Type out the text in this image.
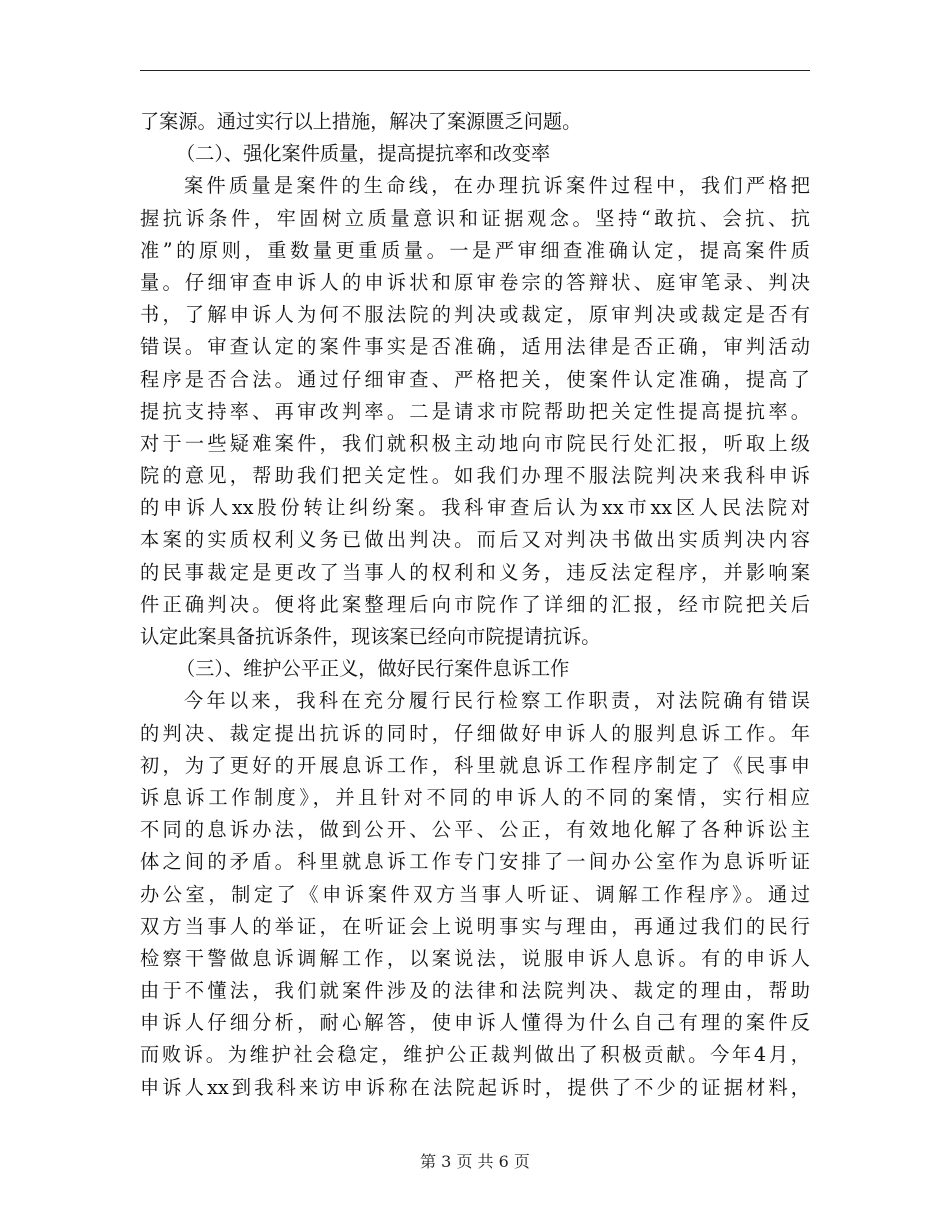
了案源。通过实行以上措施，解决了案源匮乏问题。
（二）、强化案件质量，提高提抗率和改变率
案件质量是案件的生命线，在办理抗诉案件过程中，我们严格把
握抗诉条件，牢固树立质量意识和证据观念。坚持“敢抗、会抗、抗
准”的原则，重数量更重质量。一是严审细查准确认定，提高案件质
量。仔细审查申诉人的申诉状和原审卷宗的答辩状、庭审笔录、判决
书，了解申诉人为何不服法院的判决或裁定，原审判决或裁定是否有
错误。审查认定的案件事实是否准确，适用法律是否正确，审判活动
程序是否合法。通过仔细审查、严格把关，使案件认定准确，提高了
提抗支持率、再审改判率。二是请求市院帮助把关定性提高提抗率。
对于一些疑难案件，我们就积极主动地向市院民行处汇报，听取上级
院的意见，帮助我们把关定性。如我们办理不服法院判决来我科申诉
的申诉人xx股份转让纠纷案。我科审查后认为xx市xx区人民法院对
本案的实质权利义务已做出判决。而后又对判决书做出实质判决内容
的民事裁定是更改了当事人的权利和义务，违反法定程序，并影响案
件正确判决。便将此案整理后向市院作了详细的汇报，经市院把关后
认定此案具备抗诉条件，现该案已经向市院提请抗诉。
（三）、维护公平正义，做好民行案件息诉工作
今年以来，我科在充分履行民行检察工作职责，对法院确有错误
的判决、裁定提出抗诉的同时，仔细做好申诉人的服判息诉工作。年
初，为了更好的开展息诉工作，科里就息诉工作程序制定了《民事申
诉息诉工作制度》，并且针对不同的申诉人的不同的案情，实行相应
不同的息诉办法，做到公开、公平、公正，有效地化解了各种诉讼主
体之间的矛盾。科里就息诉工作专门安排了一间办公室作为息诉听证
办公室，制定了《申诉案件双方当事人听证、调解工作程序》。通过
双方当事人的举证，在听证会上说明事实与理由，再通过我们的民行
检察干警做息诉调解工作，以案说法，说服申诉人息诉。有的申诉人
由于不懂法，我们就案件涉及的法律和法院判决、裁定的理由，帮助
申诉人仔细分析，耐心解答，使申诉人懂得为什么自己有理的案件反
而败诉。为维护社会稳定，维护公正裁判做出了积极贡献。今年4月，
申诉人xx到我科来访申诉称在法院起诉时，提供了不少的证据材料，
第 3 页 共 6 页
